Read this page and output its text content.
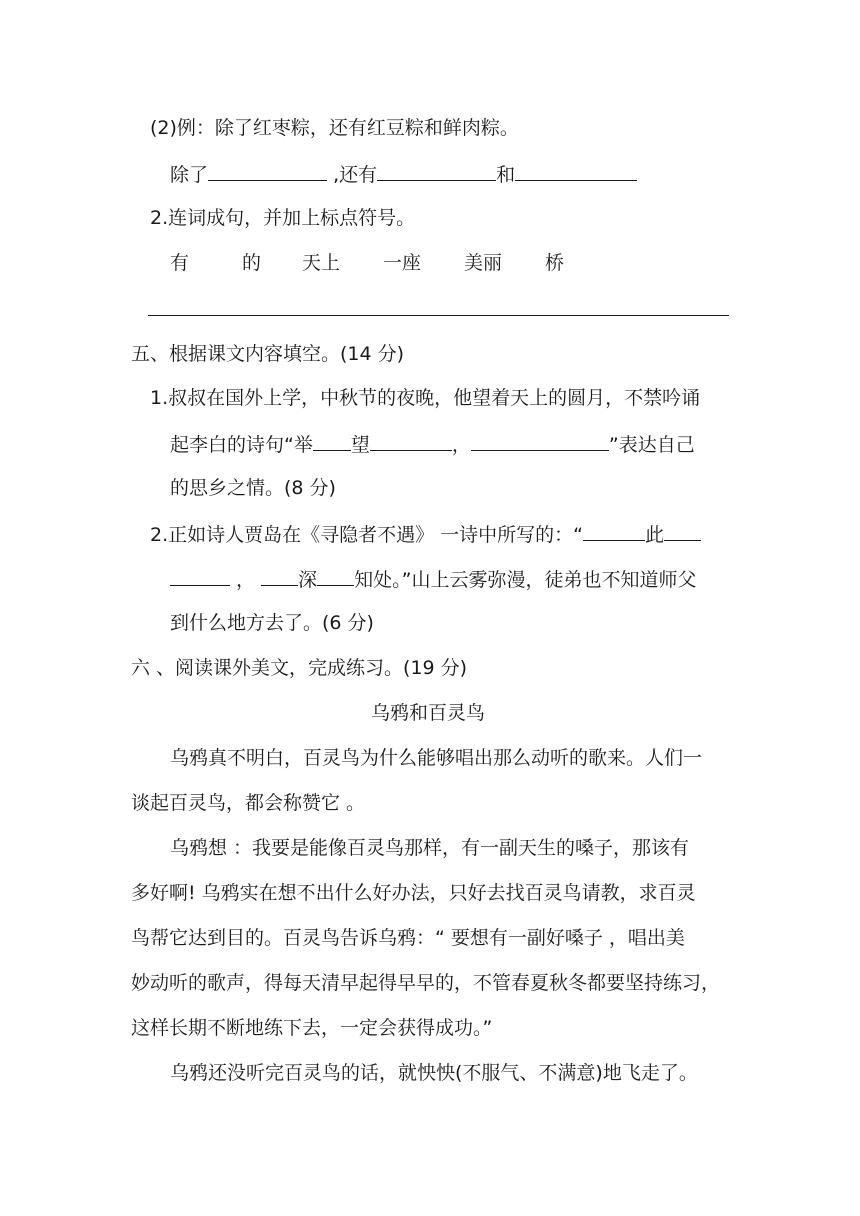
(2)例：除了红枣粽，还有红豆粽和鲜肉粽。
除了	,还有	和
2.连词成句，并加上标点符号。
有	的 天上 一座 美丽 桥
五、根据课文内容填空。(14 分)
1.叔叔在国外上学，中秋节的夜晚，他望着天上的圆月，不禁吟诵
起李白的诗句“举 望	，	”表达自己
的思乡之情。(8 分)
2.正如诗人贾岛在《寻隐者不遇》 一诗中所写的：“	此
， 深 知处。”山上云雾弥漫，徒弟也不知道师父
到什么地方去了。(6 分)
六 、阅读课外美文，完成练习。(19 分)
乌鸦和百灵鸟
乌鸦真不明白，百灵鸟为什么能够唱出那么动听的歌来。人们一
谈起百灵鸟，都会称赞它 。
乌鸦想 ：我要是能像百灵鸟那样，有一副天生的嗓子，那该有
多好啊! 乌鸦实在想不出什么好办法，只好去找百灵鸟请教，求百灵
鸟帮它达到目的。百灵鸟告诉乌鸦：“ 要想有一副好嗓子 ，唱出美
妙动听的歌声，得每天清早起得早早的，不管春夏秋冬都要坚持练习，
这样长期不断地练下去，一定会获得成功。”
乌鸦还没听完百灵鸟的话，就怏怏(不服气、不满意)地飞走了。
